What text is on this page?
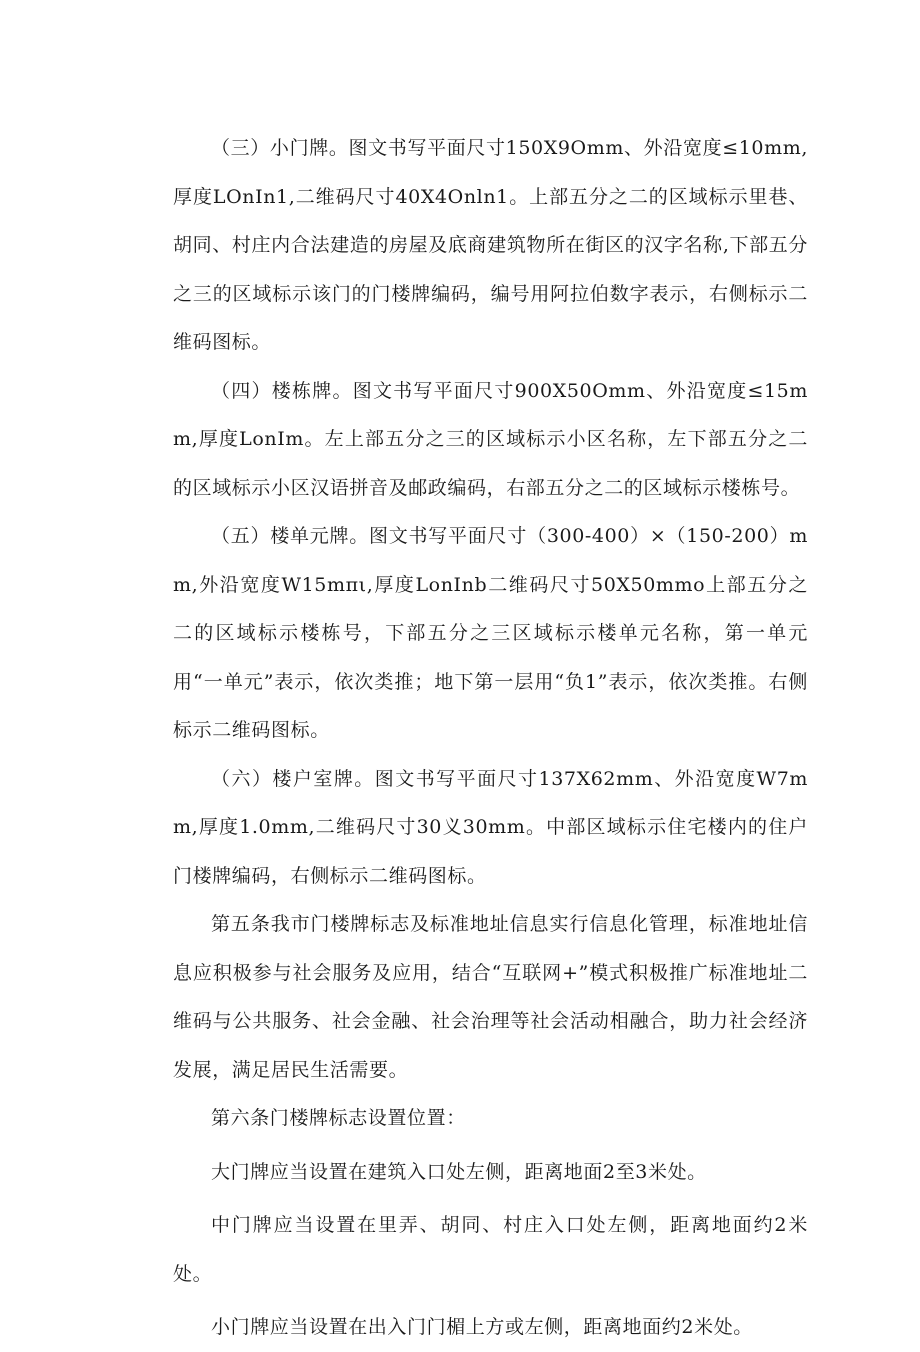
（三）小门牌。图文书写平面尺寸150X9Omm、外沿宽度≤10mm,厚度LOnIn1,二维码尺寸40X4Onln1。上部五分之二的区域标示里巷、胡同、村庄内合法建造的房屋及底商建筑物所在街区的汉字名称,下部五分之三的区域标示该门的门楼牌编码，编号用阿拉伯数字表示，右侧标示二维码图标。

（四）楼栋牌。图文书写平面尺寸900X50Omm、外沿宽度≤15mm,厚度LonIm。左上部五分之三的区域标示小区名称，左下部五分之二的区域标示小区汉语拼音及邮政编码，右部五分之二的区域标示楼栋号。

（五）楼单元牌。图文书写平面尺寸（300-400）×（150-200）mm,外沿宽度W15mπι,厚度LonInb二维码尺寸50X50mmo上部五分之二的区域标示楼栋号，下部五分之三区域标示楼单元名称，第一单元用“一单元”表示，依次类推；地下第一层用“负1”表示，依次类推。右侧标示二维码图标。

（六）楼户室牌。图文书写平面尺寸137X62mm、外沿宽度W7mm,厚度1.0mm,二维码尺寸30义30mm。中部区域标示住宅楼内的住户门楼牌编码，右侧标示二维码图标。

第五条我市门楼牌标志及标准地址信息实行信息化管理，标准地址信息应积极参与社会服务及应用，结合“互联网+”模式积极推广标准地址二维码与公共服务、社会金融、社会治理等社会活动相融合，助力社会经济发展，满足居民生活需要。

第六条门楼牌标志设置位置：

大门牌应当设置在建筑入口处左侧，距离地面2至3米处。

中门牌应当设置在里弄、胡同、村庄入口处左侧，距离地面约2米处。

小门牌应当设置在出入门门楣上方或左侧，距离地面约2米处。
